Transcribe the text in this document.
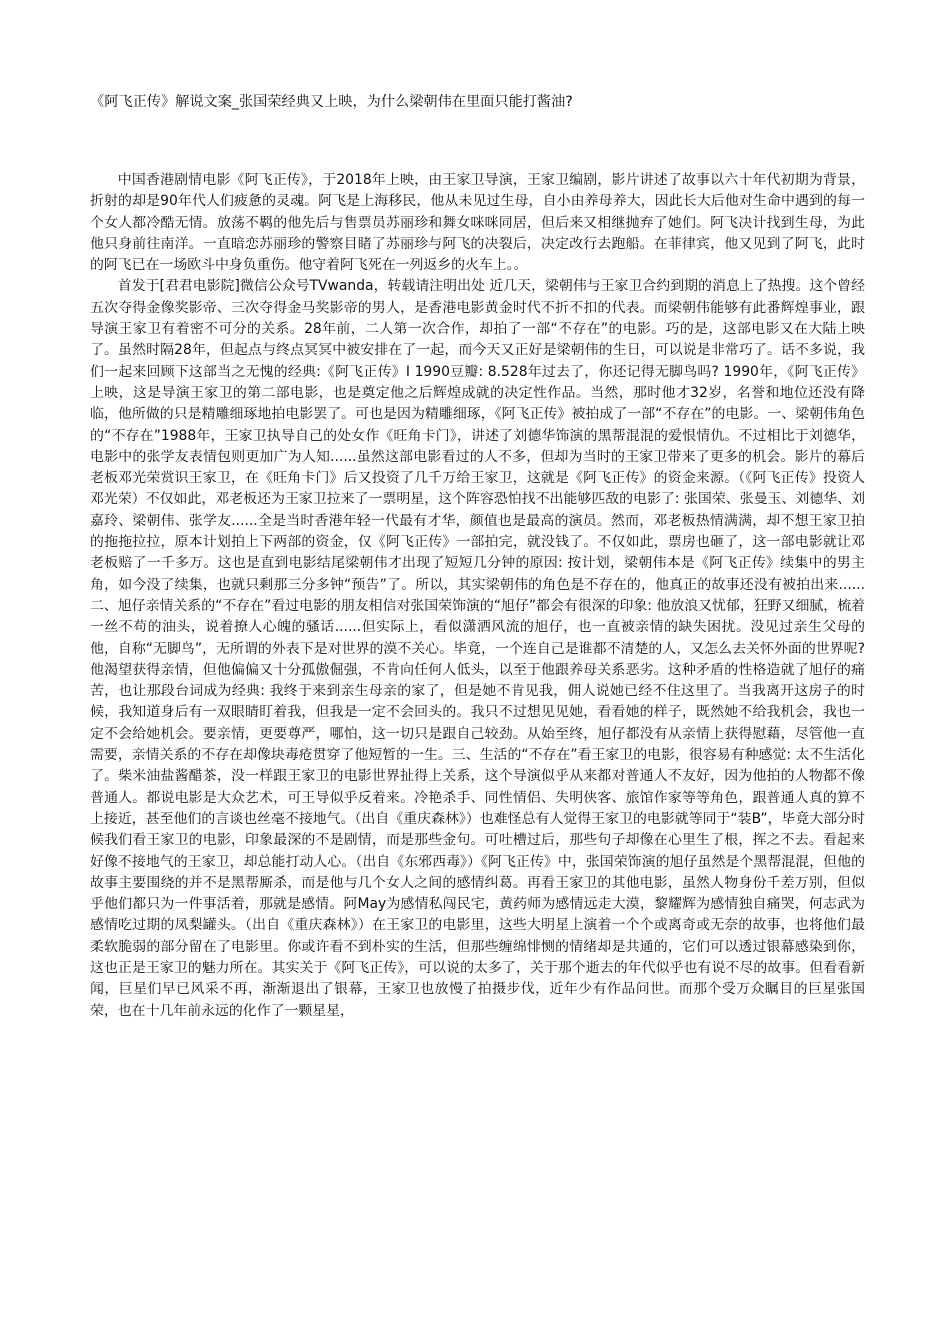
《阿飞正传》解说文案_张国荣经典又上映，为什么梁朝伟在里面只能打酱油?

中国香港剧情电影《阿飞正传》，于2018年上映，由王家卫导演，王家卫编剧，影片讲述了故事以六十年代初期为背景，折射的却是90年代人们疲惫的灵魂。阿飞是上海移民，他从未见过生母，自小由养母养大，因此长大后他对生命中遇到的每一个女人都冷酷无情。放荡不羁的他先后与售票员苏丽珍和舞女咪咪同居，但后来又相继抛弃了她们。阿飞决计找到生母，为此他只身前往南洋。一直暗恋苏丽珍的警察目睹了苏丽珍与阿飞的决裂后，决定改行去跑船。在菲律宾，他又见到了阿飞，此时的阿飞已在一场欧斗中身负重伤。他守着阿飞死在一列返乡的火车上。。

首发于[君君电影院]微信公众号TVwanda，转载请注明出处 近几天，梁朝伟与王家卫合约到期的消息上了热搜。这个曾经五次夺得金像奖影帝、三次夺得金马奖影帝的男人，是香港电影黄金时代不折不扣的代表。而梁朝伟能够有此番辉煌事业，跟导演王家卫有着密不可分的关系。28年前，二人第一次合作，却拍了一部“不存在”的电影。巧的是，这部电影又在大陆上映了。虽然时隔28年，但起点与终点冥冥中被安排在了一起，而今天又正好是梁朝伟的生日，可以说是非常巧了。话不多说，我们一起来回顾下这部当之无愧的经典:《阿飞正传》I 1990豆瓣: 8.528年过去了，你还记得无脚鸟吗? 1990年，《阿飞正传》上映，这是导演王家卫的第二部电影，也是奠定他之后辉煌成就的决定性作品。当然，那时他才32岁，名誉和地位还没有降临，他所做的只是精雕细琢地拍电影罢了。可也是因为精雕细琢，《阿飞正传》被拍成了一部“不存在”的电影。一、梁朝伟角色的“不存在”1988年，王家卫执导自己的处女作《旺角卡门》，讲述了刘德华饰演的黑帮混混的爱恨情仇。不过相比于刘德华，电影中的张学友表情包则更加广为人知......虽然这部电影看过的人不多，但却为当时的王家卫带来了更多的机会。影片的幕后老板邓光荣赏识王家卫，在《旺角卡门》后又投资了几千万给王家卫，这就是《阿飞正传》的资金来源。（《阿飞正传》投资人邓光荣）不仅如此，邓老板还为王家卫拉来了一票明星，这个阵容恐怕找不出能够匹敌的电影了: 张国荣、张曼玉、刘德华、刘嘉玲、梁朝伟、张学友......全是当时香港年轻一代最有才华，颜值也是最高的演员。然而，邓老板热情满满，却不想王家卫拍的拖拖拉拉，原本计划拍上下两部的资金，仅《阿飞正传》一部拍完，就没钱了。不仅如此，票房也砸了，这一部电影就让邓老板赔了一千多万。这也是直到电影结尾梁朝伟才出现了短短几分钟的原因: 按计划，梁朝伟本是《阿飞正传》续集中的男主角，如今没了续集，也就只剩那三分多钟“预告”了。所以，其实梁朝伟的角色是不存在的，他真正的故事还没有被拍出来......二、旭仔亲情关系的“不存在”看过电影的朋友相信对张国荣饰演的“旭仔”都会有很深的印象: 他放浪又忧郁，狂野又细腻，梳着一丝不苟的油头，说着撩人心魄的骚话......但实际上，看似潇洒风流的旭仔，也一直被亲情的缺失困扰。没见过亲生父母的他，自称“无脚鸟”，无所谓的外表下是对世界的漠不关心。毕竟，一个连自己是谁都不清楚的人，又怎么去关怀外面的世界呢? 他渴望获得亲情，但他偏偏又十分孤傲倔强，不肯向任何人低头，以至于他跟养母关系恶劣。这种矛盾的性格造就了旭仔的痛苦，也让那段台词成为经典: 我终于来到亲生母亲的家了，但是她不肯见我，佣人说她已经不住这里了。当我离开这房子的时候，我知道身后有一双眼睛盯着我，但我是一定不会回头的。我只不过想见见她，看看她的样子，既然她不给我机会，我也一定不会给她机会。要亲情，更要尊严，哪怕，这一切只是跟自己较劲。从始至终，旭仔都没有从亲情上获得慰藉，尽管他一直需要，亲情关系的不存在却像块毒疮贯穿了他短暂的一生。三、生活的“不存在”看王家卫的电影，很容易有种感觉: 太不生活化了。柴米油盐酱醋茶，没一样跟王家卫的电影世界扯得上关系，这个导演似乎从来都对普通人不友好，因为他拍的人物都不像普通人。都说电影是大众艺术，可王导似乎反着来。冷艳杀手、同性情侣、失明侠客、旅馆作家等等角色，跟普通人真的算不上接近，甚至他们的言谈也丝毫不接地气。（出自《重庆森林》）也难怪总有人觉得王家卫的电影就等同于“装B”，毕竟大部分时候我们看王家卫的电影，印象最深的不是剧情，而是那些金句。可吐槽过后，那些句子却像在心里生了根，挥之不去。看起来好像不接地气的王家卫，却总能打动人心。（出自《东邪西毒》）《阿飞正传》中，张国荣饰演的旭仔虽然是个黑帮混混，但他的故事主要围绕的并不是黑帮厮杀，而是他与几个女人之间的感情纠葛。再看王家卫的其他电影，虽然人物身份千差万别，但似乎他们都只为一件事活着，那就是感情。阿May为感情私闯民宅，黄药师为感情远走大漠，黎耀辉为感情独自痛哭，何志武为感情吃过期的凤梨罐头。（出自《重庆森林》）在王家卫的电影里，这些大明星上演着一个个或离奇或无奈的故事，也将他们最柔软脆弱的部分留在了电影里。你或许看不到朴实的生活，但那些缠绵悱恻的情绪却是共通的，它们可以透过银幕感染到你，这也正是王家卫的魅力所在。其实关于《阿飞正传》，可以说的太多了，关于那个逝去的年代似乎也有说不尽的故事。但看看新闻，巨星们早已风采不再，渐渐退出了银幕，王家卫也放慢了拍摄步伐，近年少有作品问世。而那个受万众瞩目的巨星张国荣，也在十几年前永远的化作了一颗星星，
